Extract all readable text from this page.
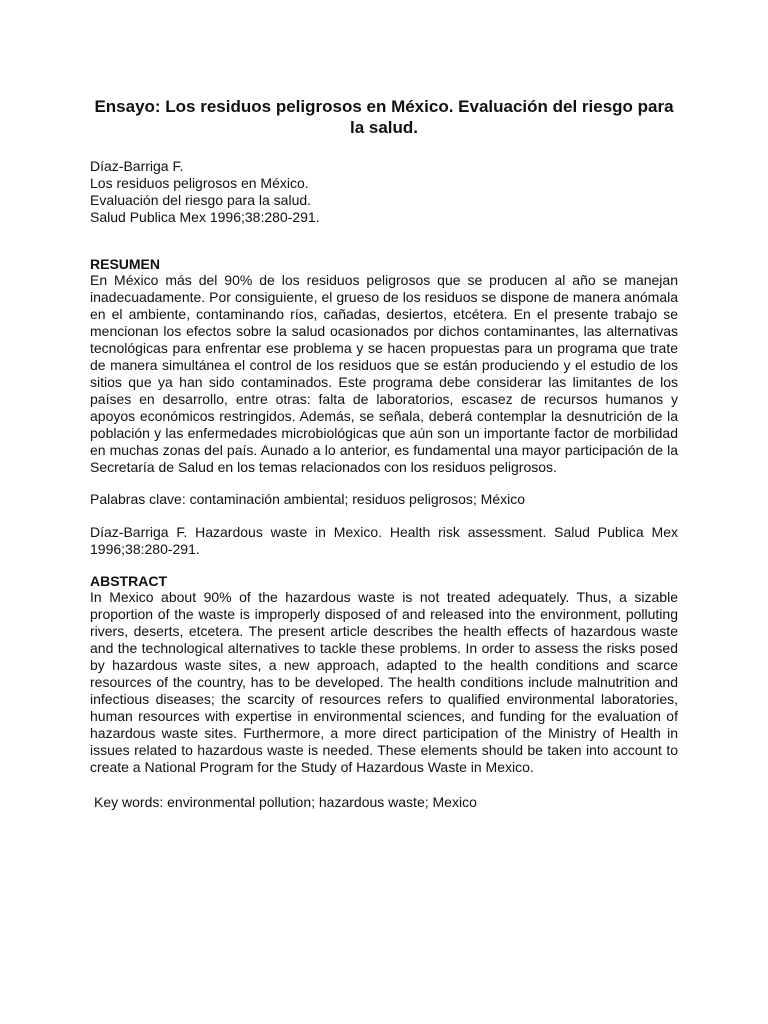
Ensayo: Los residuos peligrosos en México. Evaluación del riesgo para la salud.
Díaz-Barriga F.
Los residuos peligrosos en México.
Evaluación del riesgo para la salud.
Salud Publica Mex 1996;38:280-291.
RESUMEN

En México más del 90% de los residuos peligrosos que se producen al año se manejan inadecuadamente. Por consiguiente, el grueso de los residuos se dispone de manera anómala en el ambiente, contaminando ríos, cañadas, desiertos, etcétera. En el presente trabajo se mencionan los efectos sobre la salud ocasionados por dichos contaminantes, las alternativas tecnológicas para enfrentar ese problema y se hacen propuestas para un programa que trate de manera simultánea el control de los residuos que se están produciendo y el estudio de los sitios que ya han sido contaminados. Este programa debe considerar las limitantes de los países en desarrollo, entre otras: falta de laboratorios, escasez de recursos humanos y apoyos económicos restringidos. Además, se señala, deberá contemplar la desnutrición de la población y las enfermedades microbiológicas que aún son un importante factor de morbilidad en muchas zonas del país. Aunado a lo anterior, es fundamental una mayor participación de la Secretaría de Salud en los temas relacionados con los residuos peligrosos.

Palabras clave: contaminación ambiental; residuos peligrosos; México

Díaz-Barriga F. Hazardous waste in Mexico. Health risk assessment. Salud Publica Mex 1996;38:280-291.

ABSTRACT

In Mexico about 90% of the hazardous waste is not treated adequately. Thus, a sizable proportion of the waste is improperly disposed of and released into the environment, polluting rivers, deserts, etcetera. The present article describes the health effects of hazardous waste and the technological alternatives to tackle these problems. In order to assess the risks posed by hazardous waste sites, a new approach, adapted to the health conditions and scarce resources of the country, has to be developed. The health conditions include malnutrition and infectious diseases; the scarcity of resources refers to qualified environmental laboratories, human resources with expertise in environmental sciences, and funding for the evaluation of hazardous waste sites. Furthermore, a more direct participation of the Ministry of Health in issues related to hazardous waste is needed. These elements should be taken into account to create a National Program for the Study of Hazardous Waste in Mexico.

Key words: environmental pollution; hazardous waste; Mexico
